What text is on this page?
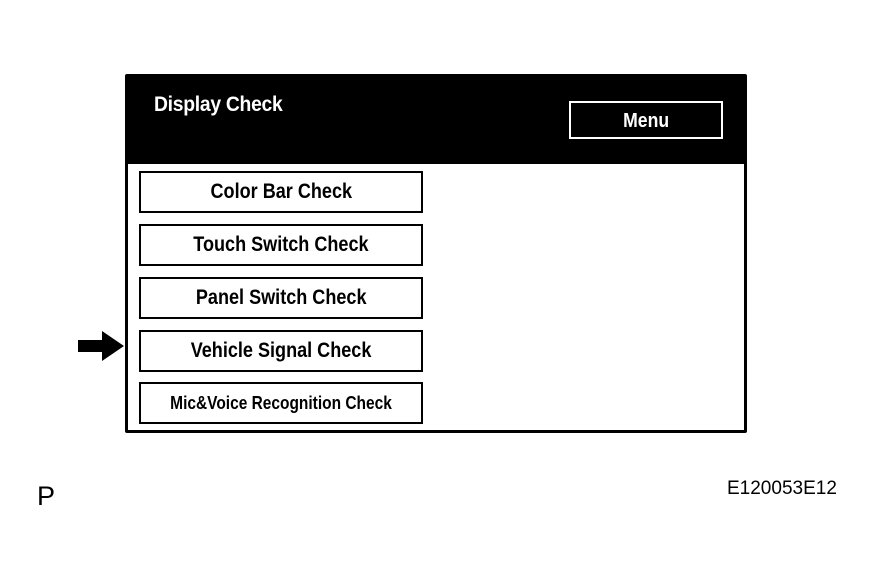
Display Check
Menu
Color Bar Check
Touch Switch Check
Panel Switch Check
Vehicle Signal Check
Mic&Voice Recognition Check
P	E120053E12
